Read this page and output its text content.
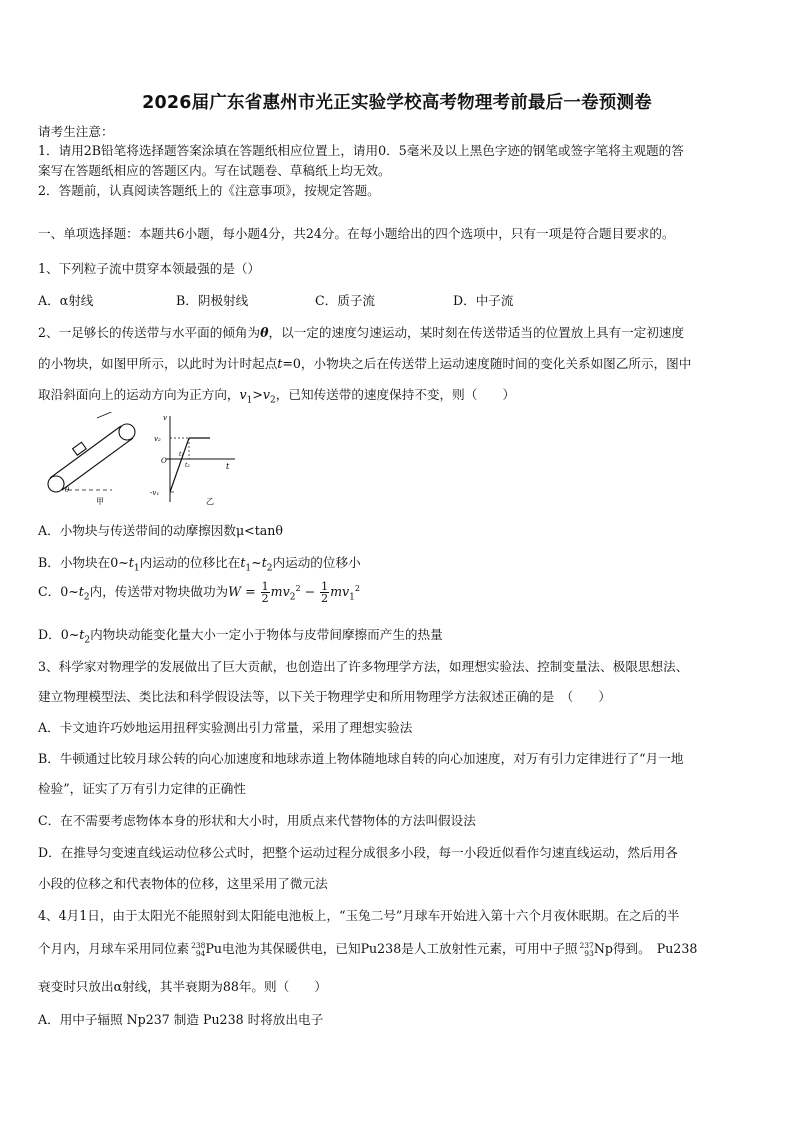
2026届广东省惠州市光正实验学校高考物理考前最后一卷预测卷
请考生注意：
1．请用2B铅笔将选择题答案涂填在答题纸相应位置上，请用0．5毫米及以上黑色字迹的钢笔或签字笔将主观题的答
案写在答题纸相应的答题区内。写在试题卷、草稿纸上均无效。
2．答题前，认真阅读答题纸上的《注意事项》，按规定答题。
一、单项选择题：本题共6小题，每小题4分，共24分。在每小题给出的四个选项中，只有一项是符合题目要求的。
1、下列粒子流中贯穿本领最强的是（）
A．α射线	B．阴极射线	C．质子流	D．中子流
2、一足够长的传送带与水平面的倾角为θ，以一定的速度匀速运动，某时刻在传送带适当的位置放上具有一定初速度
的小物块，如图甲所示，以此时为计时起点t=0，小物块之后在传送带上运动速度随时间的变化关系如图乙所示，图中
取沿斜面向上的运动方向为正方向，$v_1>v_2$，已知传送带的速度保持不变，则（　　）
θ
甲
v
v₂
O
-v₁
t₁
t₂	t
乙
A．小物块与传送带间的动摩擦因数μ<tanθ
B．小物块在$0\sim t_1$内运动的位移比在$t_1\sim t_2$内运动的位移小
C．$0\sim t_2$内，传送带对物块做功为$W = \frac{1}{2} mv_2^2 - \frac{1}{2} mv_1^2$
D．$0\sim t_2$内物块动能变化量大小一定小于物体与皮带间摩擦而产生的热量
3、科学家对物理学的发展做出了巨大贡献，也创造出了许多物理学方法，如理想实验法、控制变量法、极限思想法、
建立物理模型法、类比法和科学假设法等，以下关于物理学史和所用物理学方法叙述正确的是　（　　）
A．卡文迪许巧妙地运用扭秤实验测出引力常量，采用了理想实验法
B．牛顿通过比较月球公转的向心加速度和地球赤道上物体随地球自转的向心加速度，对万有引力定律进行了“月一地
检验”，证实了万有引力定律的正确性
C．在不需要考虑物体本身的形状和大小时，用质点来代替物体的方法叫假设法
D．在推导匀变速直线运动位移公式时，把整个运动过程分成很多小段，每一小段近似看作匀速直线运动，然后用各
小段的位移之和代表物体的位移，这里采用了微元法
4、4月1日，由于太阳光不能照射到太阳能电池板上，“玉兔二号”月球车开始进入第十六个月夜休眠期。在之后的半
个月内，月球车采用同位素 238
94 Pu电池为其保暖供电，已知Pu238是人工放射性元素，可用中子照 237
93 Np得到。 Pu238
衰变时只放出α射线，其半衰期为88年。则（　　）
A．用中子辐照 Np237 制造 Pu238 时将放出电子
